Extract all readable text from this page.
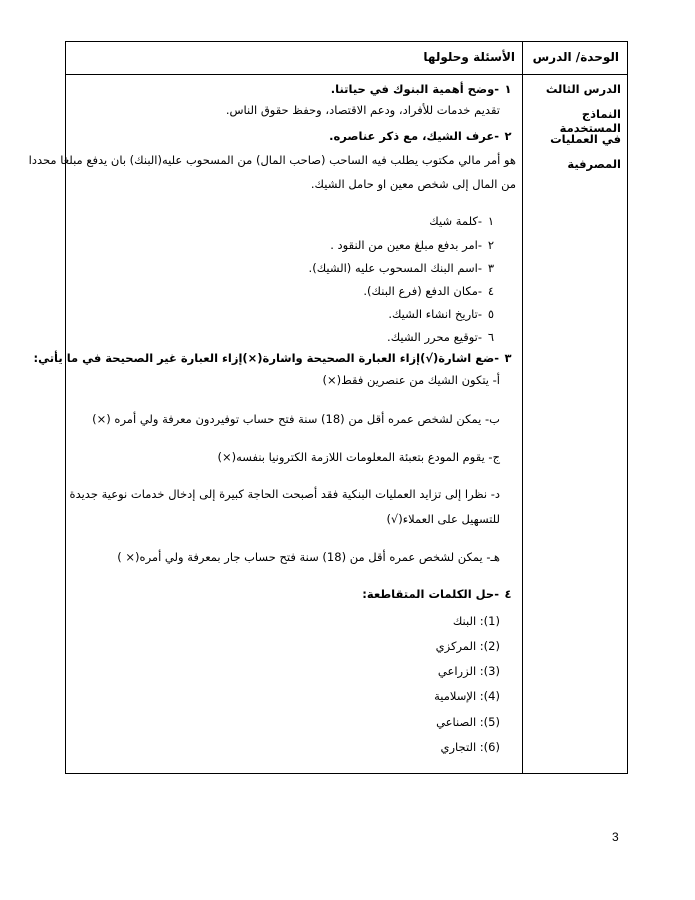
الوحدة/ الدرس
الأسئلة وحلولها
الدرس الثالث
النماذج المستخدمة
في العمليات
المصرفية
١-وضح أهمية البنوك في حياتنا.
تقديم خدمات للأفراد، ودعم الاقتصاد، وحفظ حقوق الناس.
٢-عرف الشيك، مع ذكر عناصره.
هو أمر مالي مكتوب يطلب فيه الساحب (صاحب المال) من المسحوب عليه(البنك) بان يدفع مبلغا محددا
من المال إلى شخص معين او حامل الشيك.
١-كلمة شيك
٢-امر بدفع مبلغ معين من النقود .
٣-اسم البنك المسحوب عليه (الشيك).
٤-مكان الدفع (فرع البنك).
٥-تاريخ انشاء الشيك.
٦-توقيع محرر الشيك.
٣-ضع اشارة(√)إزاء العبارة الصحيحة واشارة(×)إزاء العبارة غير الصحيحة في ما يأتي:
أ- يتكون الشيك من عنصرين فقط(×)
ب- يمكن لشخص عمره أقل من (18) سنة فتح حساب توفيردون معرفة ولي أمره (×)
ج- يقوم المودع بتعبئة المعلومات اللازمة الكترونيا بنفسه(×)
د- نظرا إلى تزايد العمليات البنكية فقد أصبحت الحاجة كبيرة إلى إدخال خدمات نوعية جديدة
للتسهيل على العملاء(√)
هـ- يمكن لشخص عمره أقل من (18) سنة فتح حساب جار بمعرفة ولي أمره(× )
٤-حل الكلمات المتقاطعة:
(1): البنك
(2): المركزي
(3): الزراعي
(4): الإسلامية
(5): الصناعي
(6): التجاري
3
